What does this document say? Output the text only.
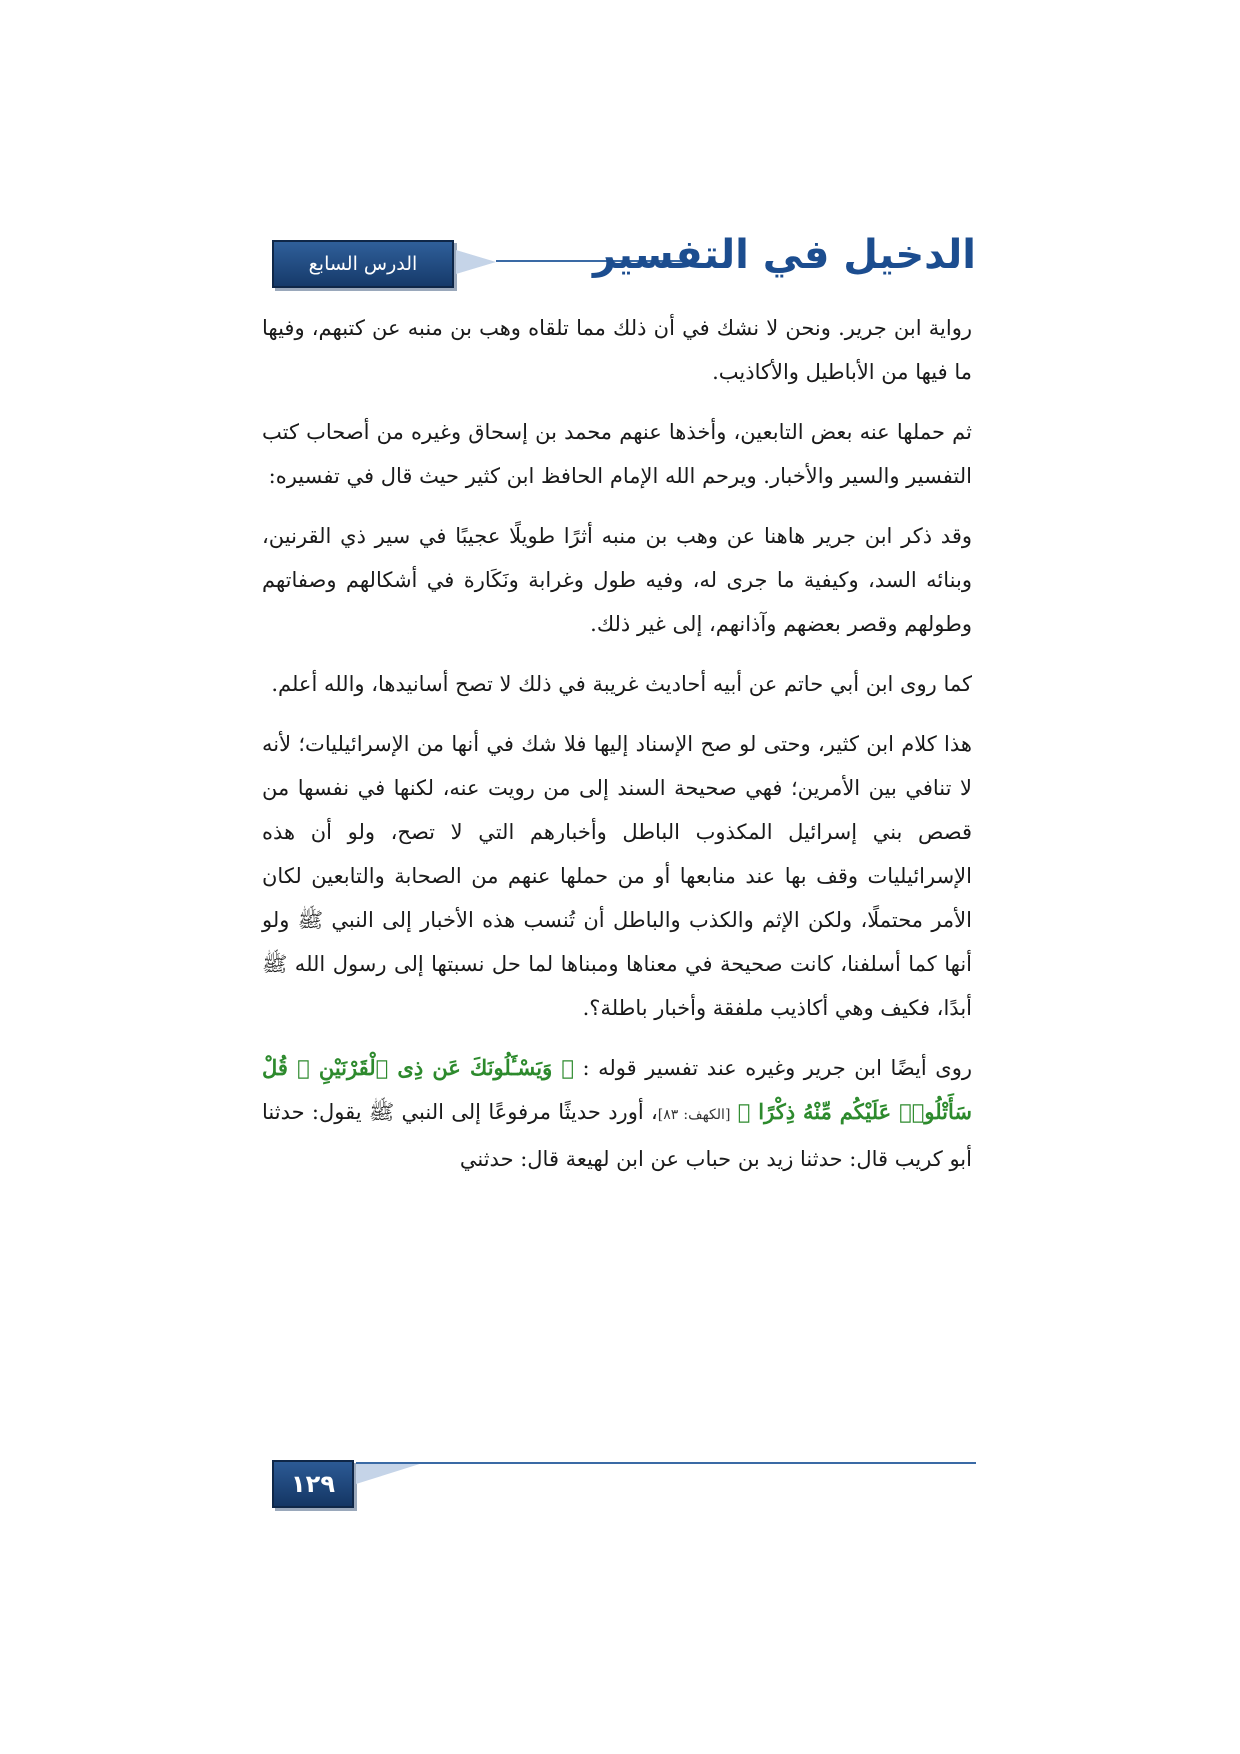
الدرس السابع	الدخيل في التفسير

رواية ابن جرير. ونحن لا نشك في أن ذلك مما تلقاه وهب بن منبه عن كتبهم، وفيها ما فيها من الأباطيل والأكاذيب.

ثم حملها عنه بعض التابعين، وأخذها عنهم محمد بن إسحاق وغيره من أصحاب كتب التفسير والسير والأخبار. ويرحم الله الإمام الحافظ ابن كثير حيث قال في تفسيره:

وقد ذكر ابن جرير هاهنا عن وهب بن منبه أثرًا طويلًا عجيبًا في سير ذي القرنين، وبنائه السد، وكيفية ما جرى له، وفيه طول وغرابة ونَكَارة في أشكالهم وصفاتهم وطولهم وقصر بعضهم وآذانهم، إلى غير ذلك.

كما روى ابن أبي حاتم عن أبيه أحاديث غريبة في ذلك لا تصح أسانيدها، والله أعلم.

هذا كلام ابن كثير، وحتى لو صح الإسناد إليها فلا شك في أنها من الإسرائيليات؛ لأنه لا تنافي بين الأمرين؛ فهي صحيحة السند إلى من رويت عنه، لكنها في نفسها من قصص بني إسرائيل المكذوب الباطل وأخبارهم التي لا تصح، ولو أن هذه الإسرائيليات وقف بها عند منابعها أو من حملها عنهم من الصحابة والتابعين لكان الأمر محتملًا، ولكن الإثم والكذب والباطل أن تُنسب هذه الأخبار إلى النبي ﷺ ولو أنها كما أسلفنا، كانت صحيحة في معناها ومبناها لما حل نسبتها إلى رسول الله ﷺ أبدًا، فكيف وهي أكاذيب ملفقة وأخبار باطلة؟.

روى أيضًا ابن جرير وغيره عند تفسير قوله : ﴿ وَيَسْـَٔلُونَكَ عَن ذِى ٱلْقَرْنَيْنِ ۖ قُلْ سَأَتْلُوا۟ عَلَيْكُم مِّنْهُ ذِكْرًا ﴾ [الكهف: ٨٣]، أورد حديثًا مرفوعًا إلى النبي ﷺ يقول: حدثنا أبو كريب قال: حدثنا زيد بن حباب عن ابن لهيعة قال: حدثني

١٢٩
